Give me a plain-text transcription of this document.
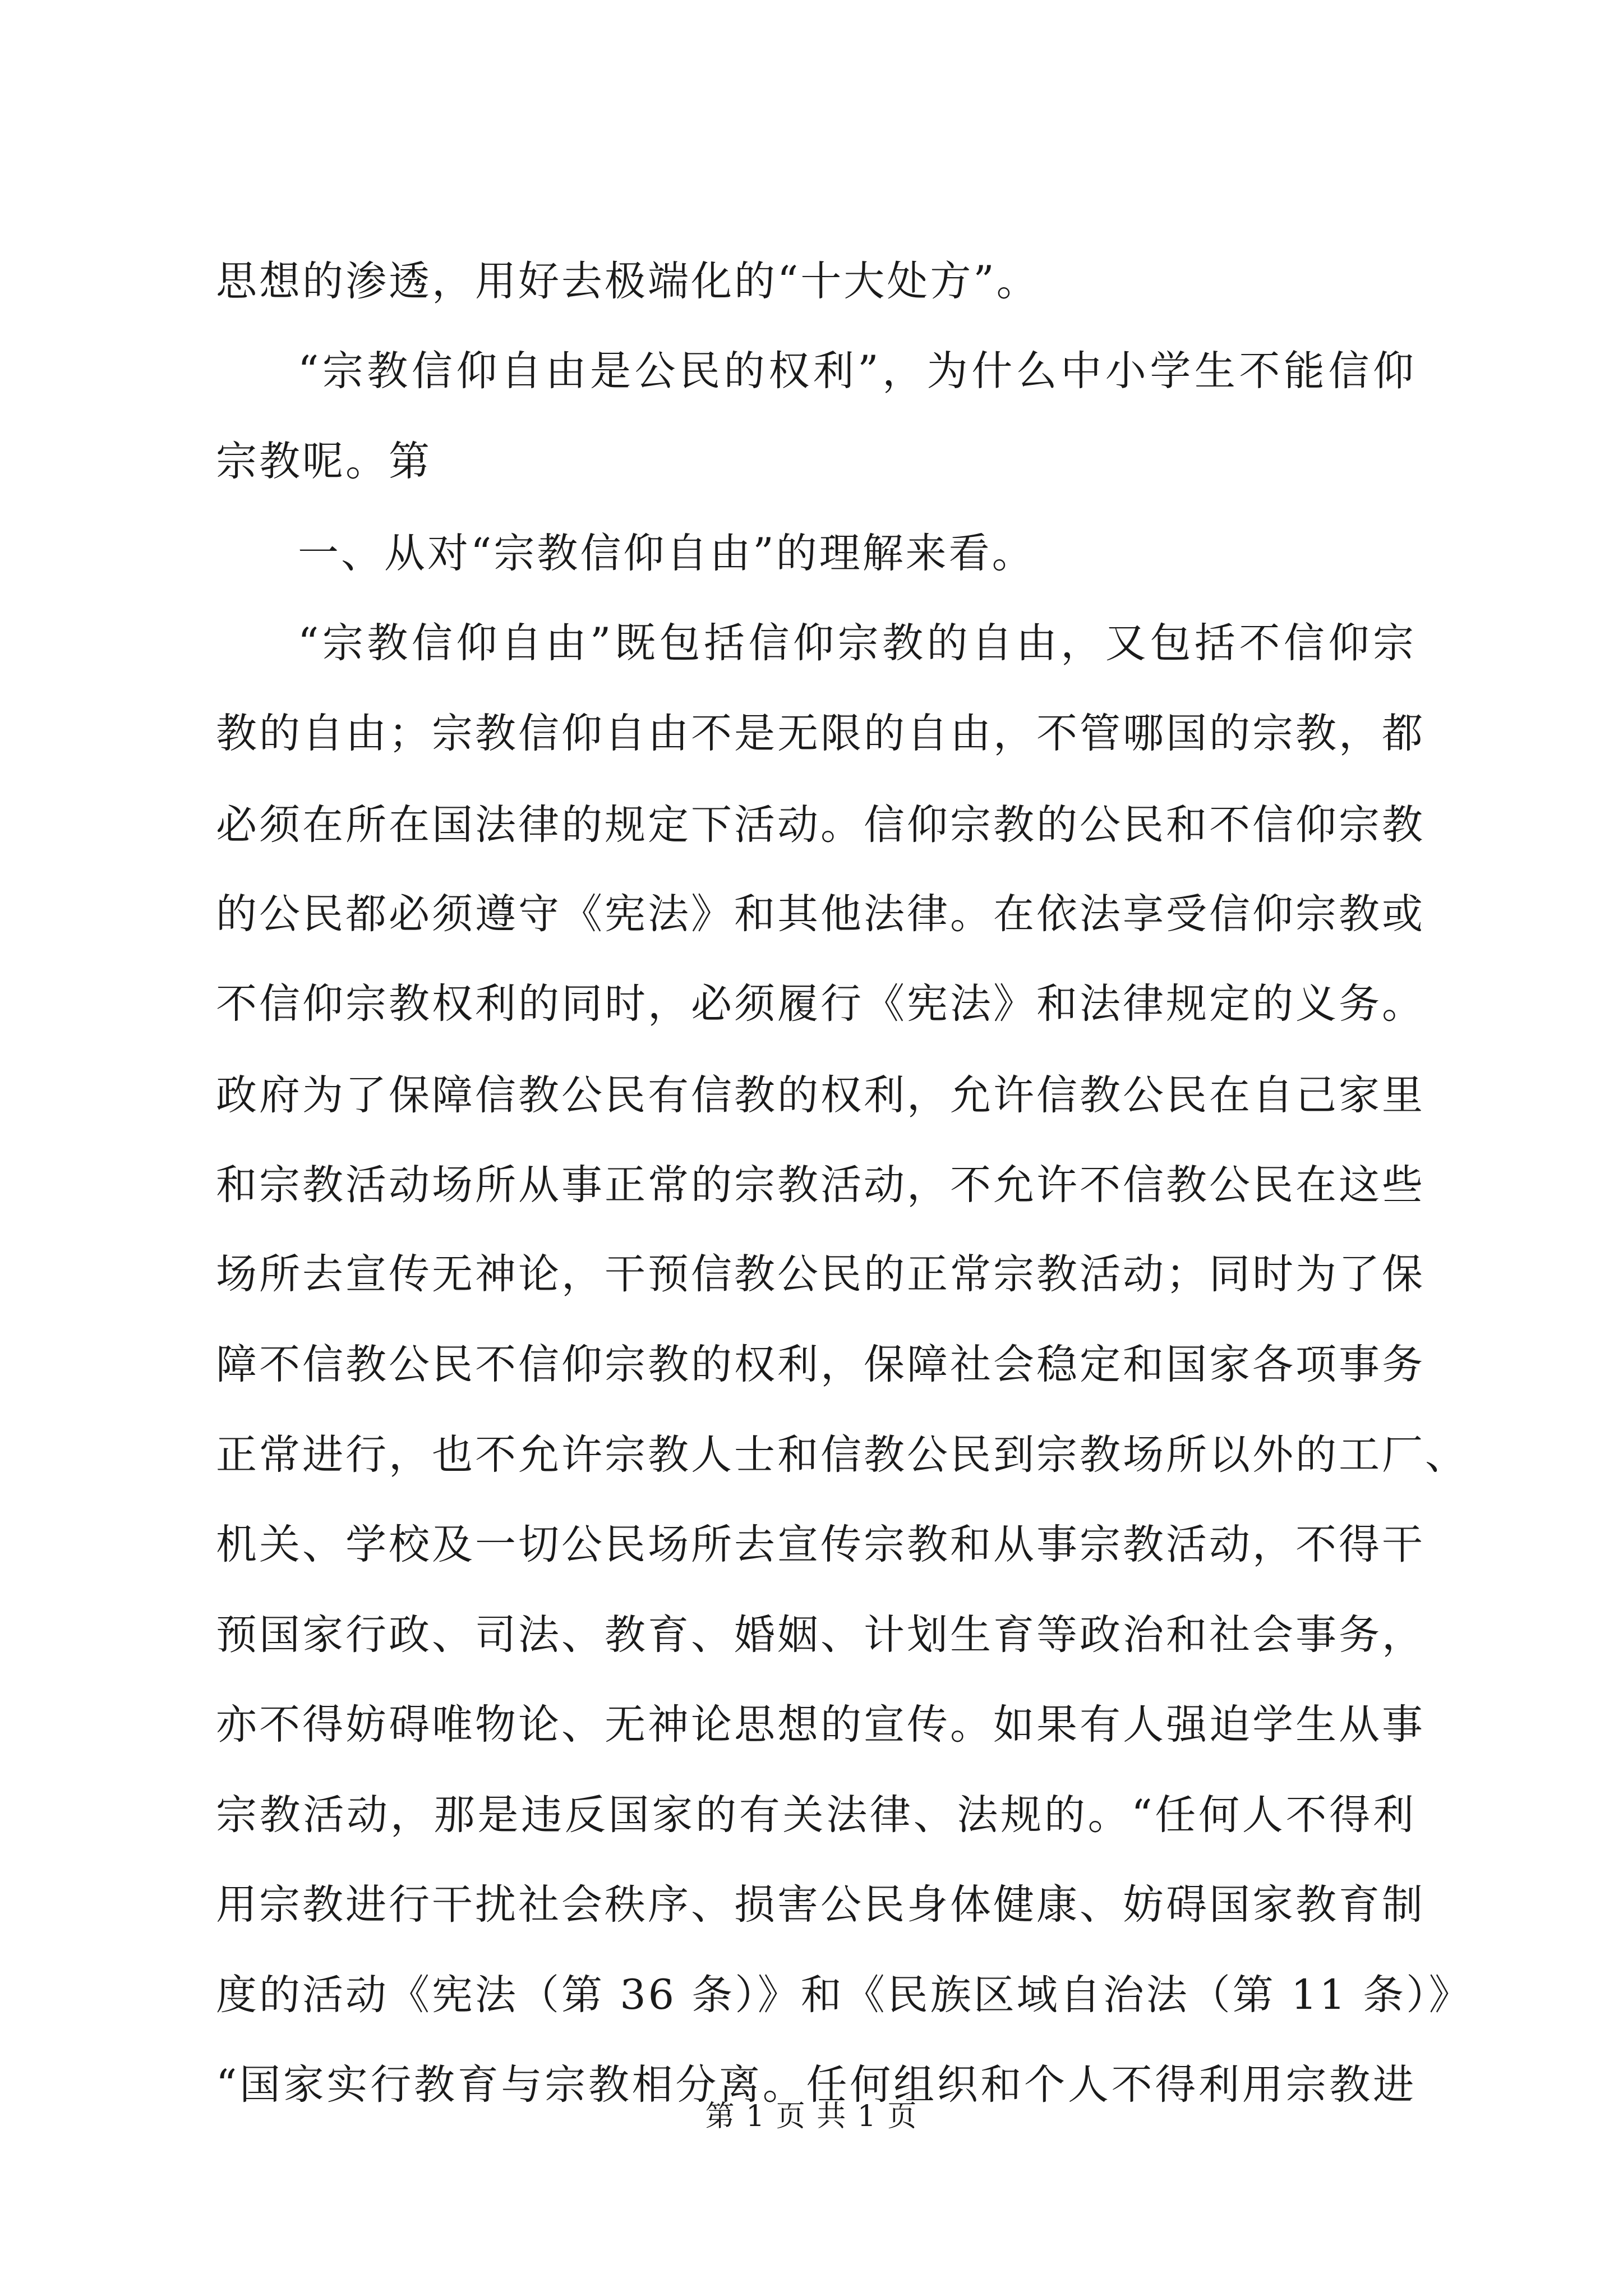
思想的渗透，用好去极端化的“十大处方”。

“宗教信仰自由是公民的权利”，为什么中小学生不能信仰

宗教呢。第

一、从对“宗教信仰自由”的理解来看。

“宗教信仰自由”既包括信仰宗教的自由，又包括不信仰宗

教的自由；宗教信仰自由不是无限的自由，不管哪国的宗教，都

必须在所在国法律的规定下活动。信仰宗教的公民和不信仰宗教

的公民都必须遵守《宪法》和其他法律。在依法享受信仰宗教或

不信仰宗教权利的同时，必须履行《宪法》和法律规定的义务。

政府为了保障信教公民有信教的权利，允许信教公民在自己家里

和宗教活动场所从事正常的宗教活动，不允许不信教公民在这些

场所去宣传无神论，干预信教公民的正常宗教活动；同时为了保

障不信教公民不信仰宗教的权利，保障社会稳定和国家各项事务

正常进行，也不允许宗教人士和信教公民到宗教场所以外的工厂、

机关、学校及一切公民场所去宣传宗教和从事宗教活动，不得干

预国家行政、司法、教育、婚姻、计划生育等政治和社会事务，

亦不得妨碍唯物论、无神论思想的宣传。如果有人强迫学生从事

宗教活动，那是违反国家的有关法律、法规的。“任何人不得利

用宗教进行干扰社会秩序、损害公民身体健康、妨碍国家教育制

度的活动《宪法（第 36 条）》和《民族区域自治法（第 11 条）》

“国家实行教育与宗教相分离。任何组织和个人不得利用宗教进

第 1 页 共 1 页
